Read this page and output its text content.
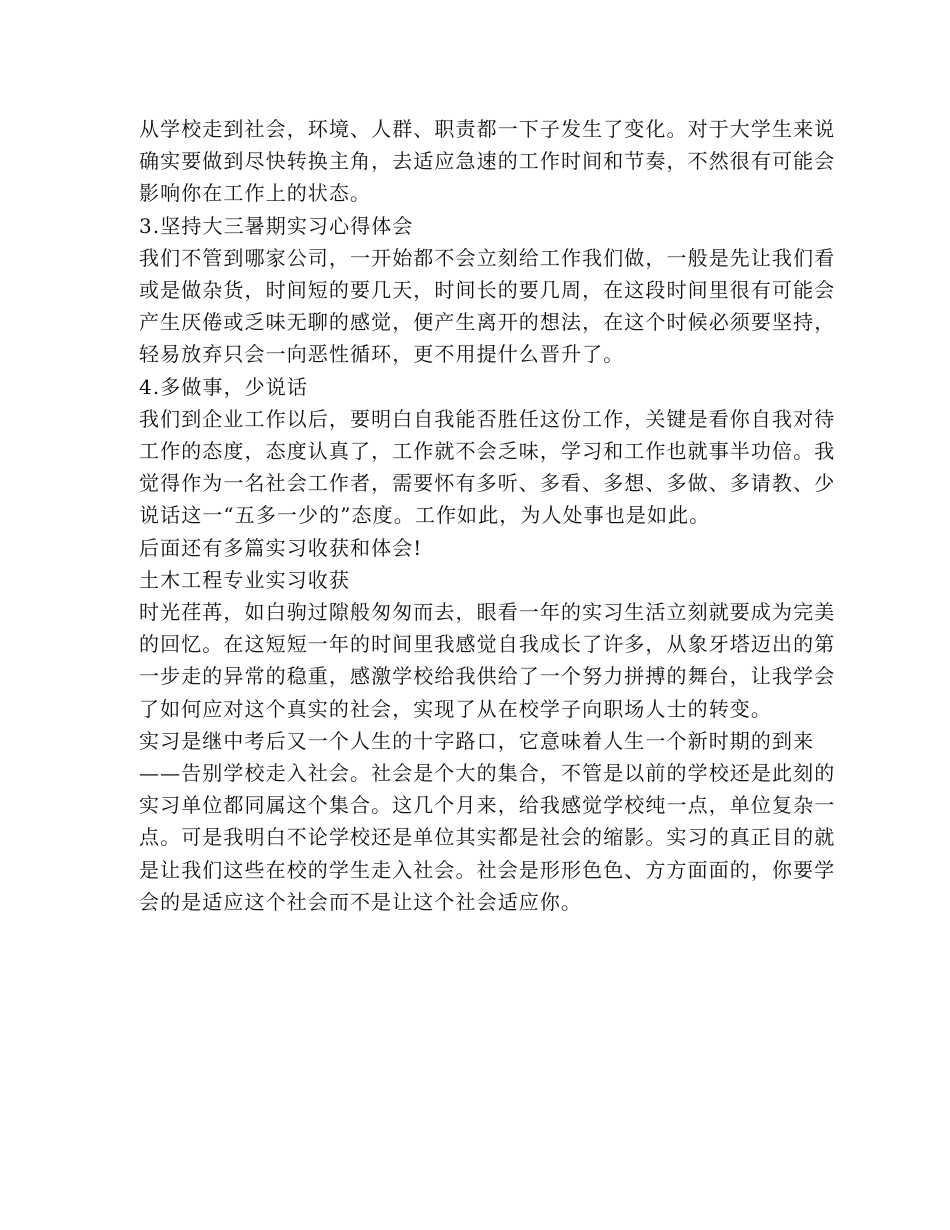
从学校走到社会，环境、人群、职责都一下子发生了变化。对于大学生来说确实要做到尽快转换主角，去适应急速的工作时间和节奏，不然很有可能会影响你在工作上的状态。

3.坚持大三暑期实习心得体会

我们不管到哪家公司，一开始都不会立刻给工作我们做，一般是先让我们看或是做杂货，时间短的要几天，时间长的要几周，在这段时间里很有可能会产生厌倦或乏味无聊的感觉，便产生离开的想法，在这个时候必须要坚持，轻易放弃只会一向恶性循环，更不用提什么晋升了。

4.多做事，少说话

我们到企业工作以后，要明白自我能否胜任这份工作，关键是看你自我对待工作的态度，态度认真了，工作就不会乏味，学习和工作也就事半功倍。我觉得作为一名社会工作者，需要怀有多听、多看、多想、多做、多请教、少说话这一“五多一少的”态度。工作如此，为人处事也是如此。

后面还有多篇实习收获和体会!

土木工程专业实习收获

时光荏苒，如白驹过隙般匆匆而去，眼看一年的实习生活立刻就要成为完美的回忆。在这短短一年的时间里我感觉自我成长了许多，从象牙塔迈出的第一步走的异常的稳重，感激学校给我供给了一个努力拼搏的舞台，让我学会了如何应对这个真实的社会，实现了从在校学子向职场人士的转变。

实习是继中考后又一个人生的十字路口，它意味着人生一个新时期的到来——告别学校走入社会。社会是个大的集合，不管是以前的学校还是此刻的实习单位都同属这个集合。这几个月来，给我感觉学校纯一点，单位复杂一点。可是我明白不论学校还是单位其实都是社会的缩影。实习的真正目的就是让我们这些在校的学生走入社会。社会是形形色色、方方面面的，你要学会的是适应这个社会而不是让这个社会适应你。
